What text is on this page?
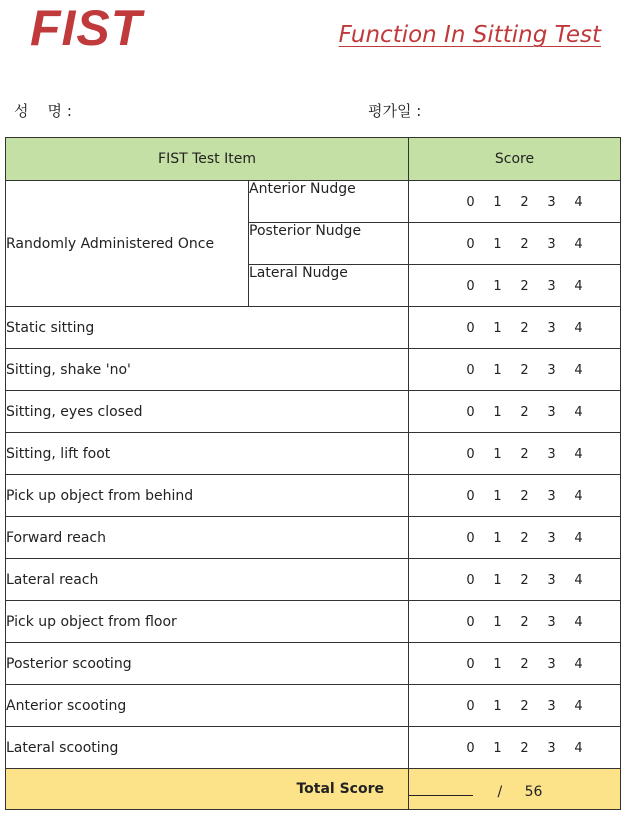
FIST	Function In Sitting Test
성    명 :	평가일 :
FIST Test Item		Score
Randomly Administered Once	Anterior Nudge	0 1 2 3 4

	Posterior Nudge	0 1 2 3 4

	Lateral Nudge	0 1 2 3 4

Static sitting		0 1 2 3 4

Sitting, shake 'no'		0 1 2 3 4

Sitting, eyes closed		0 1 2 3 4

Sitting, lift foot		0 1 2 3 4

Pick up object from behind		0 1 2 3 4

Forward reach		0 1 2 3 4

Lateral reach		0 1 2 3 4

Pick up object from floor		0 1 2 3 4

Posterior scooting		0 1 2 3 4

Anterior scooting		0 1 2 3 4

Lateral scooting		0 1 2 3 4

Total Score		/ 56
